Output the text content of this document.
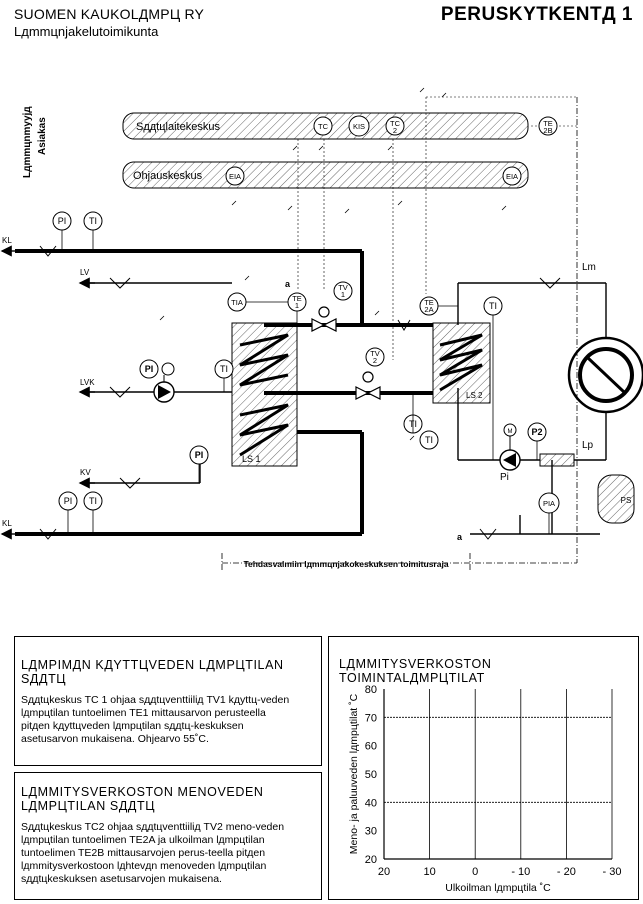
SUOMEN KAUKOLДMPЦ RY
Lдmmцnjakelutoimikunta
PERUSKYTKENTД 1
Lдmmцnmyyjд Asiakas
Tehdasvalmiin lдmmцnjakokeskuksen toimitusraja
Sддtцlaitekeskus
Ohjauskeskus
LS 1
LS 2
M
PS
KL
LV
LVK
KV
KL
Lm
Lp
Pi
a
a
TC	KIS	TC
2
TE
2B
EIA	EIA
PI	TI
TIA	TE
1
TV
1
TE
2A	TI
PI	TI
TV
2
PI
TI
TI
P2
PI TI	PIA
LДMPIMДN KДYTTЦVEDEN LДMPЦTILAN SДДTЦ

Sддtцkeskus TC 1 ohjaa sддtцventtiiliд TV1 kдyttц-veden lдmpцtilan tuntoelimen TE1 mittausarvon perusteella pitдen kдyttцveden lдmpцtilan sддtц-keskuksen asetusarvon mukaisena. Ohjearvo 55˚C.

LДMMITYSVERKOSTON MENOVEDEN LДMPЦTILAN SДДTЦ

Sддtцkeskus TC2 ohjaa sддtцventtiiliд TV2 meno-veden lдmpцtilan tuntoelimen TE2A ja ulkoilman lдmpцtilan tuntoelimen TE2B mittausarvojen perus-teella pitдen lдmmitysverkostoon lдhtevдn menoveden lдmpцtilan sддtцkeskuksen asetusarvojen mukaisena.

LДMMITYSVERKOSTON TOIMINTALДMPЦTILAT
80
70
60
50
40
30
20
20	10	0	- 10 - 20 - 30
Ulkoilman lдmpцtila ˚C
Meno- ja paluuveden lдmpцtilat ˚C
